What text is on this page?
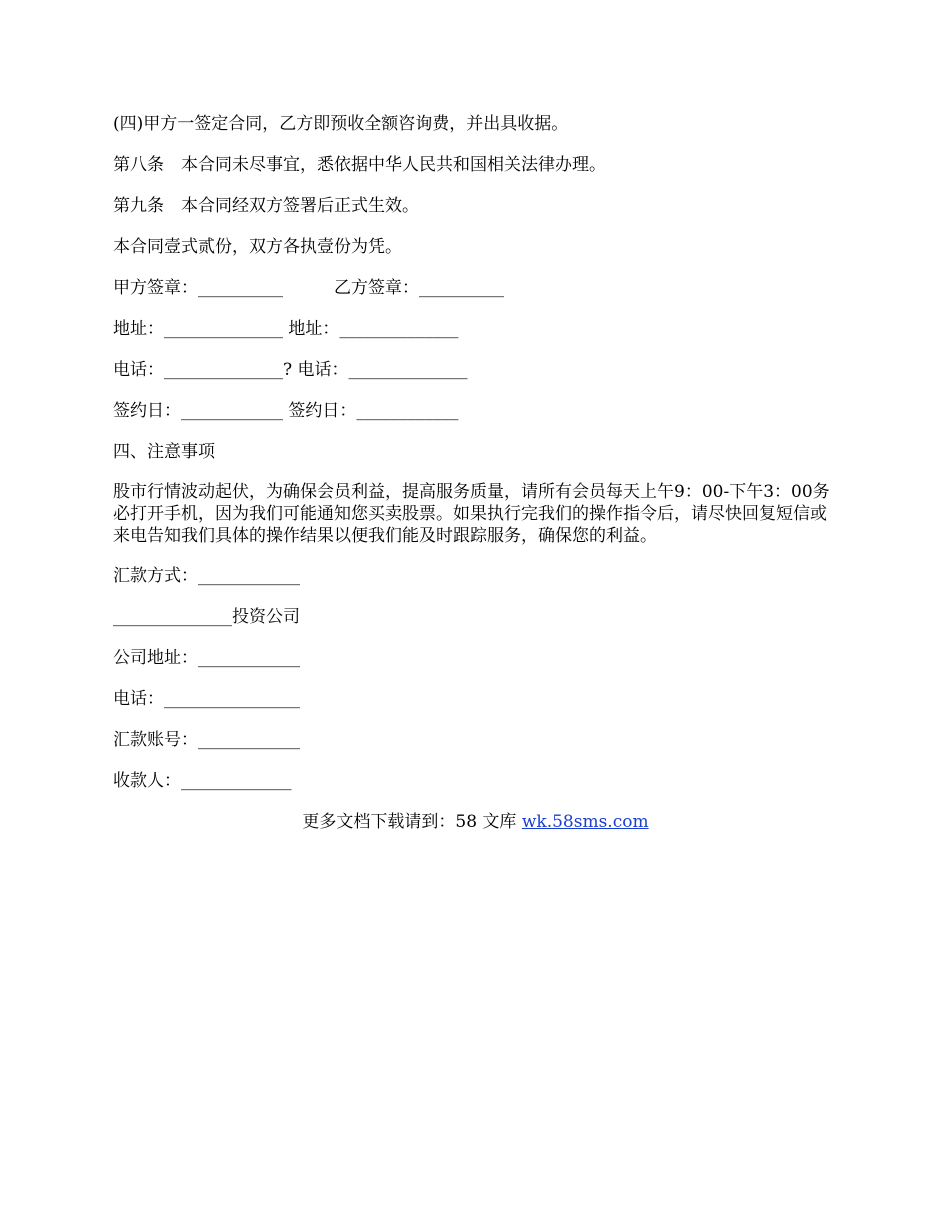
(四)甲方一签定合同，乙方即预收全额咨询费，并出具收据。
第八条　本合同未尽事宜，悉依据中华人民共和国相关法律办理。
第九条　本合同经双方签署后正式生效。
本合同壹式贰份，双方各执壹份为凭。
甲方签章：__________　　　乙方签章：__________
地址：______________ 地址：______________
电话：______________? 电话：______________
签约日：____________ 签约日：____________
四、注意事项
股市行情波动起伏，为确保会员利益，提高服务质量，请所有会员每天上午9：00-下午3：00务必打开手机，因为我们可能通知您买卖股票。如果执行完我们的操作指令后，请尽快回复短信或来电告知我们具体的操作结果以便我们能及时跟踪服务，确保您的利益。
汇款方式：____________
______________投资公司
公司地址：____________
电话：________________
汇款账号：____________
收款人：_____________
更多文档下载请到：58 文库 wk.58sms.com
